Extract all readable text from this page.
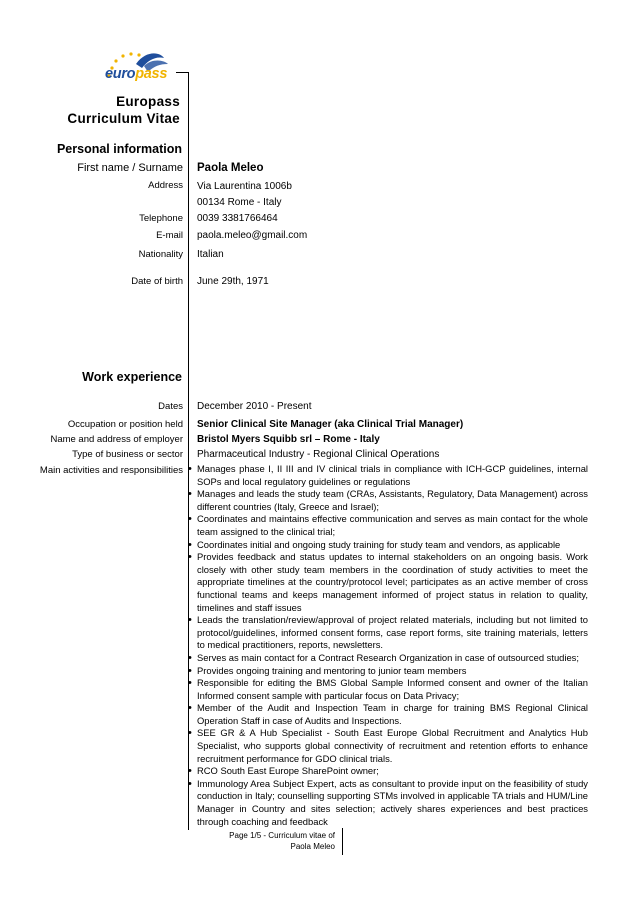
europass
Europass
Curriculum Vitae
Personal information
First name / Surname Paola Meleo
Address Via Laurentina 1006b
00134 Rome - Italy
Telephone 0039 3381766464
E-mail paola.meleo@gmail.com
Nationality Italian
Date of birth June 29th, 1971
Work experience
Dates December 2010 - Present
Occupation or position held Senior Clinical Site Manager (aka Clinical Trial Manager)
Name and address of employer Bristol Myers Squibb srl – Rome - Italy
Type of business or sector Pharmaceutical Industry - Regional Clinical Operations
Main activities and responsibilities
•	Manages phase I, II III and IV clinical trials in compliance with ICH-GCP guidelines, internal SOPs and local regulatory guidelines or regulations
• Manages and leads the study team (CRAs, Assistants, Regulatory, Data Management) across different countries (Italy, Greece and Israel);
• Coordinates and maintains effective communication and serves as main contact for the whole team assigned to the clinical trial;
• Coordinates initial and ongoing study training for study team and vendors, as applicable
• Provides feedback and status updates to internal stakeholders on an ongoing basis. Work closely with other study team members in the coordination of study activities to meet the appropriate timelines at the country/protocol level; participates as an active member of cross functional teams and keeps management informed of project status in relation to quality, timelines and staff issues
• Leads the translation/review/approval of project related materials, including but not limited to protocol/guidelines, informed consent forms, case report forms, site training materials, letters to medical practitioners, reports, newsletters.
• Serves as main contact for a Contract Research Organization in case of outsourced studies;
• Provides ongoing training and mentoring to junior team members
• Responsible for editing the BMS Global Sample Informed consent and owner of the Italian Informed consent sample with particular focus on Data Privacy;
• Member of the Audit and Inspection Team in charge for training BMS Regional Clinical Operation Staff in case of Audits and Inspections.
• SEE GR & A Hub Specialist - South East Europe Global Recruitment and Analytics Hub Specialist, who supports global connectivity of recruitment and retention efforts to enhance recruitment performance for GDO clinical trials.
• RCO South East Europe SharePoint owner;
• Immunology Area Subject Expert, acts as consultant to provide input on the feasibility of study conduction in Italy; counselling supporting STMs involved in applicable TA trials and HUM/Line Manager in Country and sites selection; actively shares experiences and best practices through coaching and feedback
Page 1/5 - Curriculum vitae of
Paola Meleo
